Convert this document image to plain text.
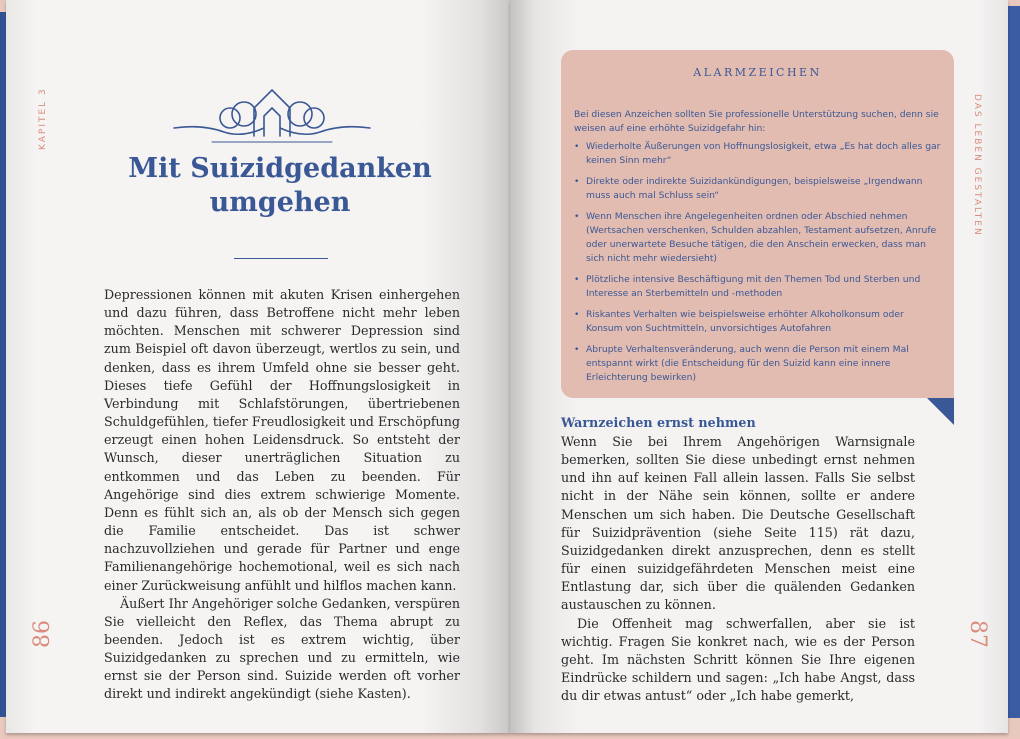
KAPITEL 3
86
Mit Suizidgedanken umgehen

Depressionen können mit akuten Krisen einhergehen und dazu führen, dass Betroffene nicht mehr leben möchten. Menschen mit schwerer Depression sind zum Beispiel oft davon überzeugt, wertlos zu sein, und denken, dass es ihrem Umfeld ohne sie besser geht. Dieses tiefe Gefühl der Hoffnungslosigkeit in Verbindung mit Schlafstörungen, übertriebenen Schuldgefühlen, tiefer Freudlosigkeit und Erschöpfung erzeugt einen hohen Leidensdruck. So entsteht der Wunsch, dieser unerträglichen Situation zu entkommen und das Leben zu beenden. Für Angehörige sind dies extrem schwierige Momente. Denn es fühlt sich an, als ob der Mensch sich gegen die Familie entscheidet. Das ist schwer nachzuvollziehen und gerade für Partner und enge Familienangehörige hochemotional, weil es sich nach einer Zurückweisung anfühlt und hilflos machen kann.

Äußert Ihr Angehöriger solche Gedanken, verspüren Sie vielleicht den Reflex, das Thema abrupt zu beenden. Jedoch ist es extrem wichtig, über Suizidgedanken zu sprechen und zu ermitteln, wie ernst sie der Person sind. Suizide werden oft vorher direkt und indirekt angekündigt (siehe Kasten).

DAS LEBEN GESTALTEN
87
ALARMZEICHEN
Bei diesen Anzeichen sollten Sie professionelle Unterstützung suchen, denn sie weisen auf eine erhöhte Suizidgefahr hin:
• Wiederholte Äußerungen von Hoffnungslosigkeit, etwa „Es hat doch alles gar keinen Sinn mehr“
• Direkte oder indirekte Suizidankündigungen, beispielsweise „Irgendwann muss auch mal Schluss sein“
• Wenn Menschen ihre Angelegenheiten ordnen oder Abschied nehmen (Wertsachen verschenken, Schulden abzahlen, Testament aufsetzen, Anrufe oder unerwartete Besuche tätigen, die den Anschein erwecken, dass man sich nicht mehr wiedersieht)
• Plötzliche intensive Beschäftigung mit den Themen Tod und Sterben und Interesse an Sterbemitteln und -methoden
• Riskantes Verhalten wie beispielsweise erhöhter Alkoholkonsum oder Konsum von Suchtmitteln, unvorsichtiges Autofahren
• Abrupte Verhaltensveränderung, auch wenn die Person mit einem Mal entspannt wirkt (die Entscheidung für den Suizid kann eine innere Erleichterung bewirken)
Warnzeichen ernst nehmen

Wenn Sie bei Ihrem Angehörigen Warnsignale bemerken, sollten Sie diese unbedingt ernst nehmen und ihn auf keinen Fall allein lassen. Falls Sie selbst nicht in der Nähe sein können, sollte er andere Menschen um sich haben. Die Deutsche Gesellschaft für Suizidprävention (siehe Seite 115) rät dazu, Suizidgedanken direkt anzusprechen, denn es stellt für einen suizidgefährdeten Menschen meist eine Entlastung dar, sich über die quälenden Gedanken austauschen zu können.

Die Offenheit mag schwerfallen, aber sie ist wichtig. Fragen Sie konkret nach, wie es der Person geht. Im nächsten Schritt können Sie Ihre eigenen Eindrücke schildern und sagen: „Ich habe Angst, dass du dir etwas antust“ oder „Ich habe gemerkt,
